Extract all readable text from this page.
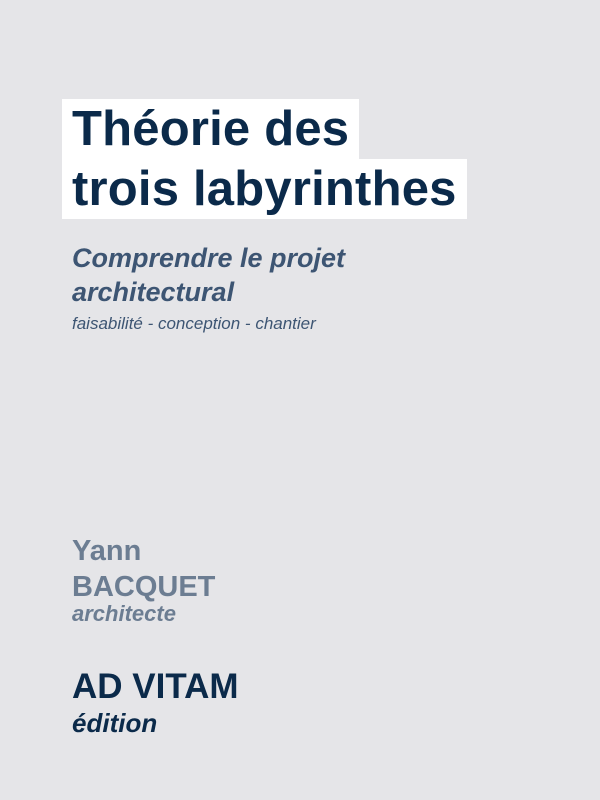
Théorie des
trois labyrinthes
Comprendre le projet
architectural
faisabilité - conception - chantier
Yann
BACQUET
architecte
AD VITAM
édition
